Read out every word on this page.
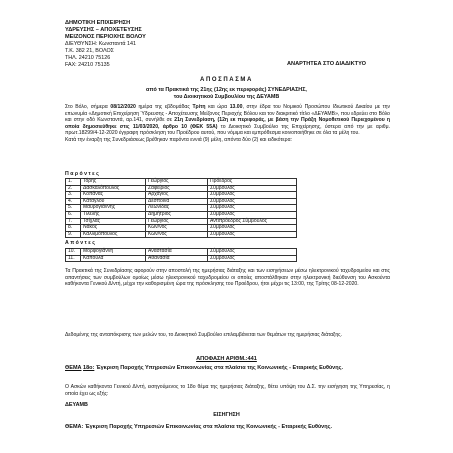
ΔΗΜΟΤΙΚΗ ΕΠΙΧΕΙΡΗΣΗ
ΥΔΡΕΥΣΗΣ – ΑΠΟΧΕΤΕΥΣΗΣ
ΜΕΙΖΟΝΟΣ ΠΕΡΙΟΧΗΣ ΒΟΛΟΥ
ΔΙΕΥΘΥΝΣΗ: Κωνσταντά 141
Τ.Κ. 382 21, ΒΟΛΟΣ
ΤΗΛ. 24210 75126
FAX: 24210 75135	ΑΝΑΡΤΗΤΕΑ ΣΤΟ ΔΙΑΔΙΚΤΥΟ
ΑΠΟΣΠΑΣΜΑ
από τα Πρακτικά της 21ης (12ης εκ περιφοράς) ΣΥΝΕΔΡΙΑΣΗΣ,
του Διοικητικού Συμβουλίου της ΔΕΥΑΜΒ
Στο Βόλο, σήμερα 08/12/2020 ημέρα της εβδομάδας Τρίτη και ώρα 13.00, στην έδρα του Νομικού Προσώπου Ιδιωτικού Δικαίου με την επωνυμία «Δημοτική Επιχείρηση Ύδρευσης - Αποχέτευσης Μείζονος Περιοχής Βόλου και τον διακριτικό τίτλο «ΔΕΥΑΜΒ», που εδρεύει στο Βόλο και στην οδό Κωνσταντά, αρ.141, συνήλθε σε 21η Συνεδρίαση, (12η εκ περιφοράς, με βάση την Πράξη Νομοθετικού Περιεχομένου η οποία δημοσιεύθηκε στις 11/03/2020, άρθρο 10 (ΦΕΚ 55Α) το Διοικητικό Συμβούλιο της Επιχείρησης, ύστερα από την με αριθμ. πρωτ.18299/4-12-2020 έγγραφη πρόσκληση του Προέδρου αυτού, που νόμιμα και εμπρόθεσμα κοινοποιήθηκε σε όλα τα μέλη του.
Κατά την έναρξη της Συνεδριάσεως βρέθηκαν παρόντα εννιά (9) μέλη, απόντα δύο (2) και ειδικότερα:
Π α ρ ό ν τ ε ς
1.	Τόρης	Γεώργιος	Πρόεδρος
2.	Δασκαλόπουλος	Ζαφείριος	Σύμβουλος
3.	Κοπάνας	Αρχάγιος	Σύμβουλος
4.	Κάταγλου	Δέσποινα	Σύμβουλος
5.	Μαυρογιάννης	Λεωνίδας	Σύμβουλος
6.	Τιλελής	Δημήτριος	Σύμβουλος
7.	Τσίχλας	Γεώργιος	Αντιπρόεδρος Σύμβουλος
8.	Νάκος	Κων/νος	Σύμβουλος
9.	Καλλιμόπουλος	Κων/νος	Σύμβουλος
Α π ό ν τ ε ς
10.	Μορφογιάννη	Αναστασία	Σύμβουλος
11.	Καπούλα	Αθανασία	Σύμβουλος
Τα Πρακτικά της Συνεδρίασης αφορούν στην αποστολή της ημερήσιας διάταξης και των εισηγήσεων μέσω ηλεκτρονικού ταχυδρομείου και στις απαντήσεις των συμβούλων ομοίως μέσω ηλεκτρονικού ταχυδρομείου οι οποίες αποστάλθηκαν στην ηλεκτρονική διεύθυνση του Ασκούντα καθήκοντα Γενικού Δ/ντή, μέχρι την καθορισμένη ώρα της πρόσκλησης του Προέδρου, ήτοι μέχρι τις 13:00, της Τρίτης 08-12-2020.
Δεδομένης της ανταπόκρισης των μελών του, το Διοικητικό Συμβούλιο επιλαμβάνεται των θεμάτων της ημερήσιας διάταξης.
ΑΠΟΦΑΣΗ ΑΡΙΘΜ.:441
ΘΕΜΑ 18ο: Έγκριση Παροχής Υπηρεσιών Επικοινωνίας στα πλαίσια της Κοινωνικής - Εταιρικής Ευθύνης.
Ο Ασκών καθήκοντα Γενικού Δ/ντή, εισηγούμενος το 18ο θέμα της ημερήσιας διάταξης, θέτει υπόψη του Δ.Σ. την εισήγηση της Υπηρεσίας, η οποία έχει ως εξής:
ΔΕΥΑΜΒ
ΕΙΣΗΓΗΣΗ
ΘΕΜΑ: Έγκριση Παροχής Υπηρεσιών Επικοινωνίας στα πλαίσια της Κοινωνικής - Εταιρικής Ευθύνης.
